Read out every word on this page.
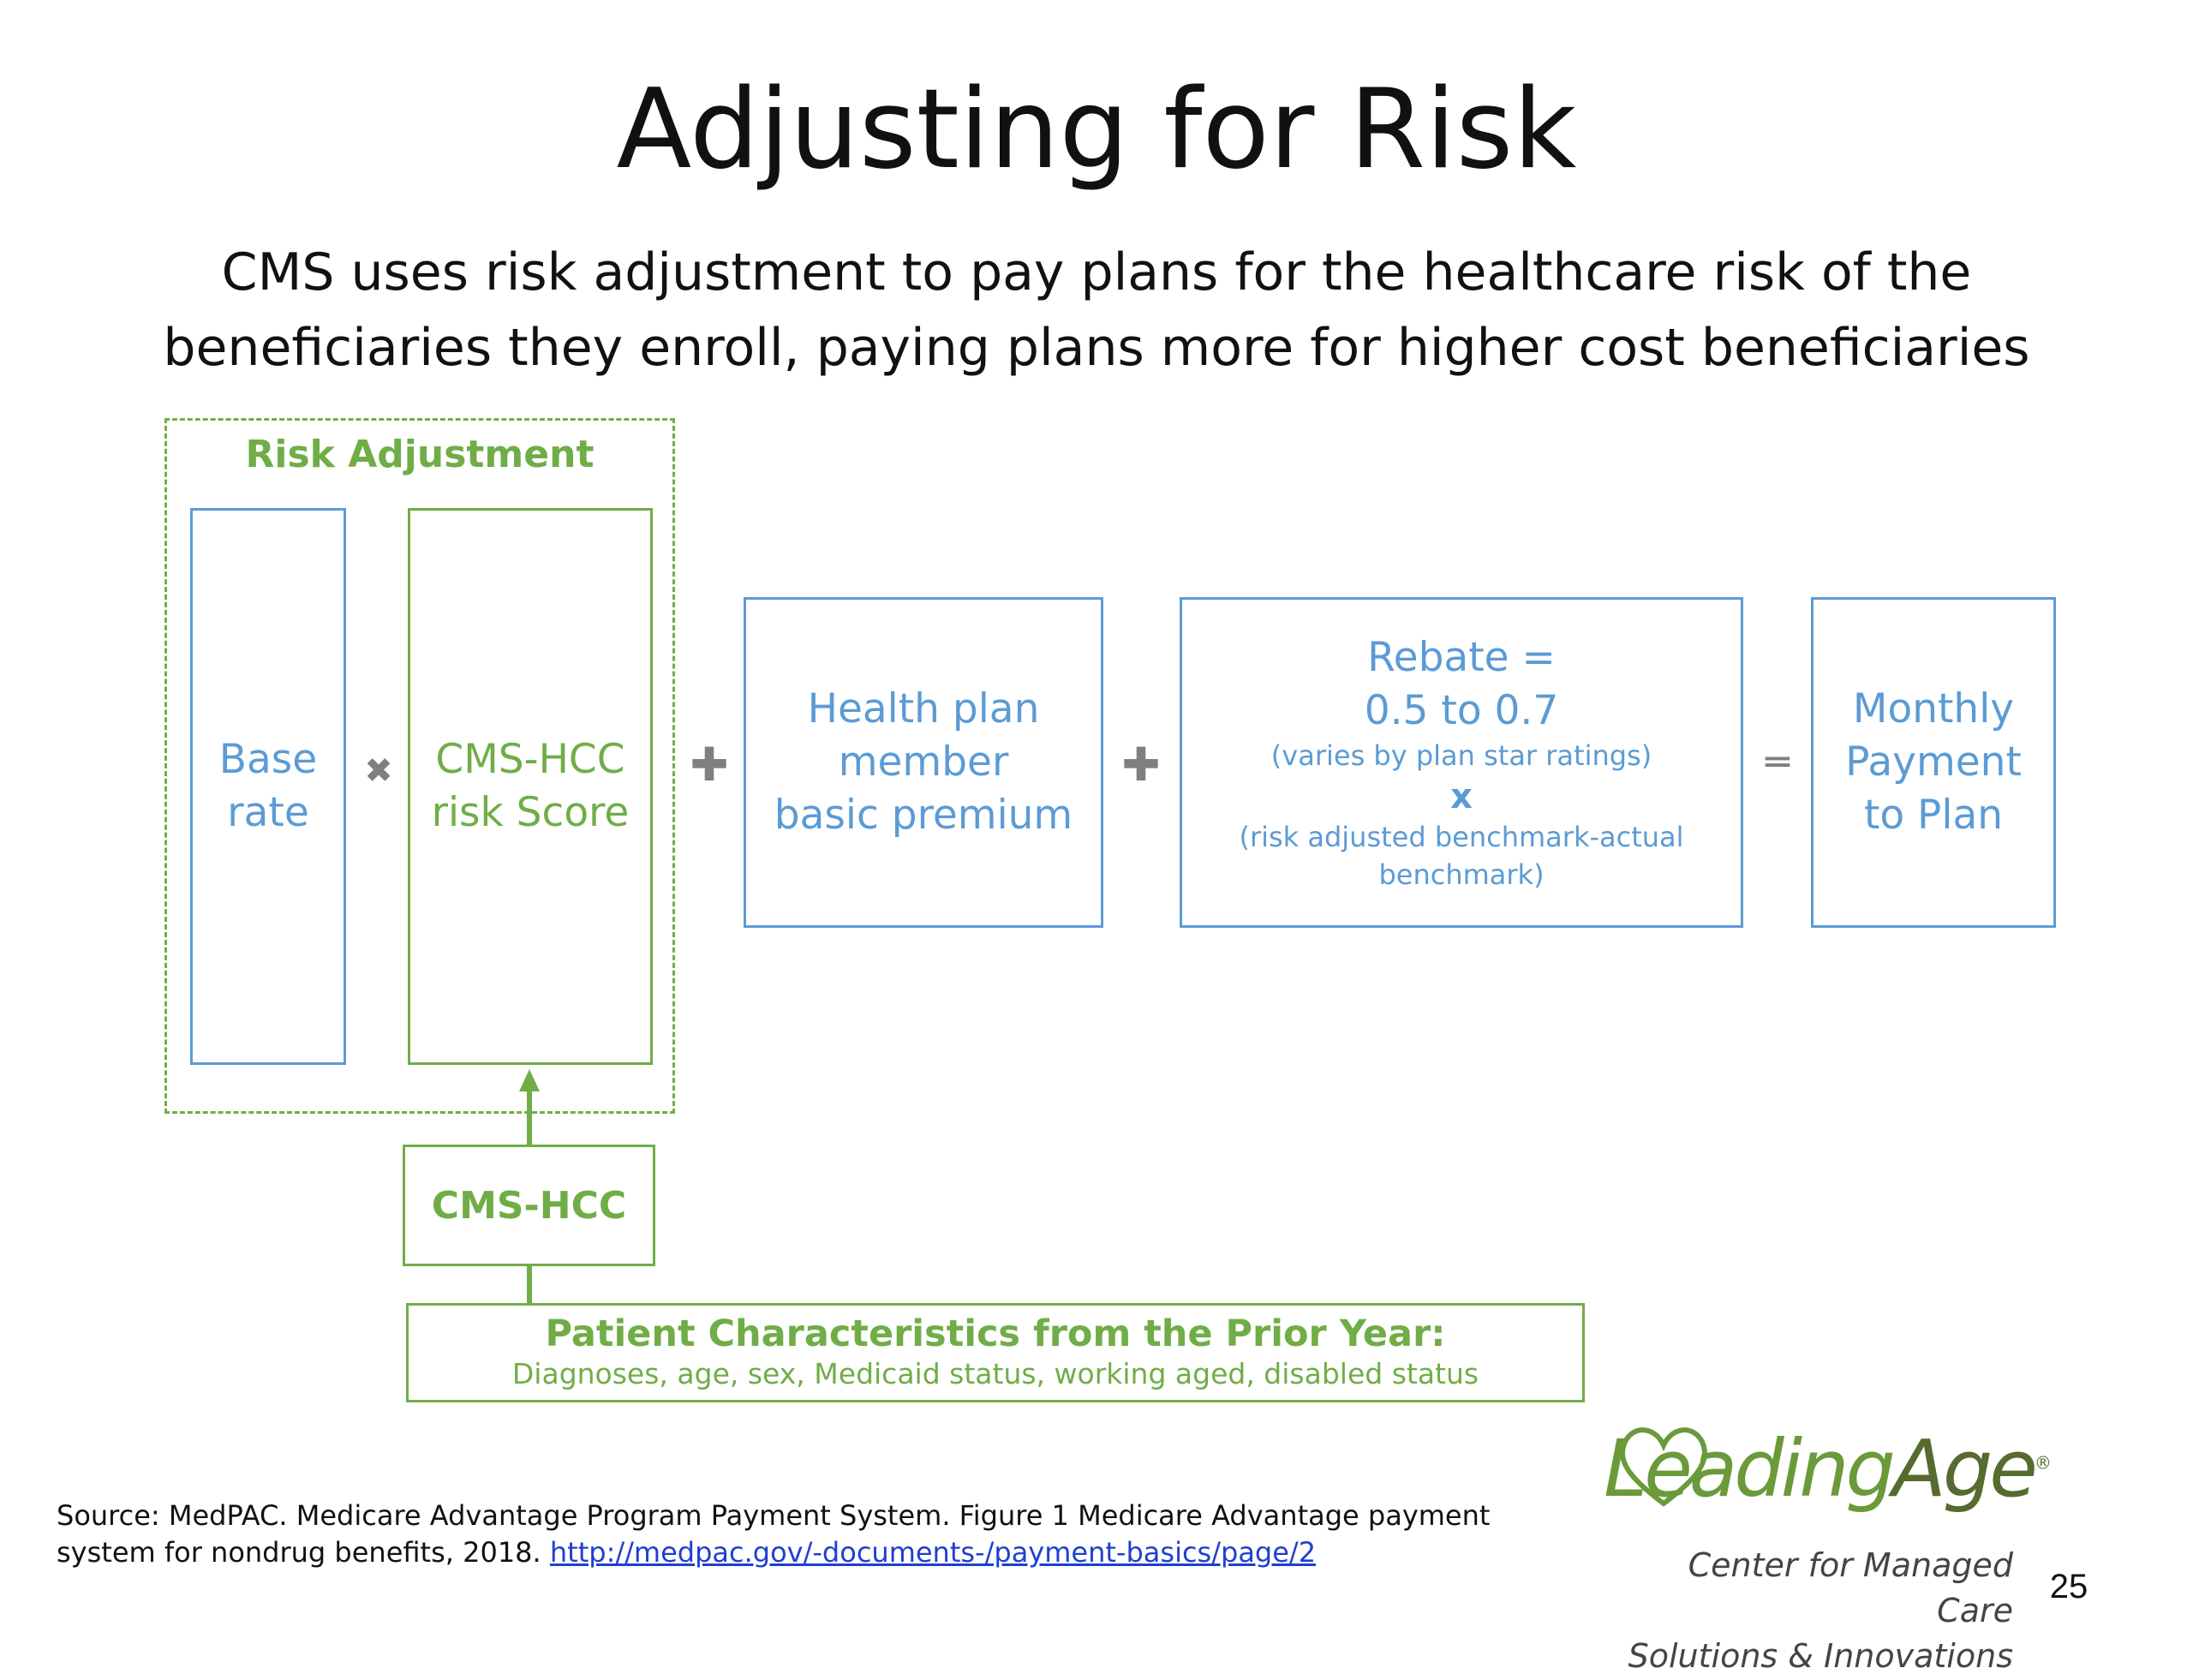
Adjusting for Risk
CMS uses risk adjustment to pay plans for the healthcare risk of the
beneficiaries they enroll, paying plans more for higher cost beneficiaries
Risk Adjustment
Base
rate
✖ CMS-HCC
risk Score
✚
Health plan
member
basic premium
✚
Rebate =
0.5 to 0.7
(varies by plan star ratings)
x
(risk adjusted benchmark-actual
benchmark)
═
Monthly
Payment
to Plan
CMS-HCC
Patient Characteristics from the Prior Year:
Diagnoses, age, sex, Medicaid status, working aged, disabled status
Source: MedPAC. Medicare Advantage Program Payment System. Figure 1 Medicare Advantage payment system for nondrug benefits, 2018. http://medpac.gov/-documents-/payment-basics/page/2
LeadingAge®
Center for Managed Care
Solutions & Innovations
25
